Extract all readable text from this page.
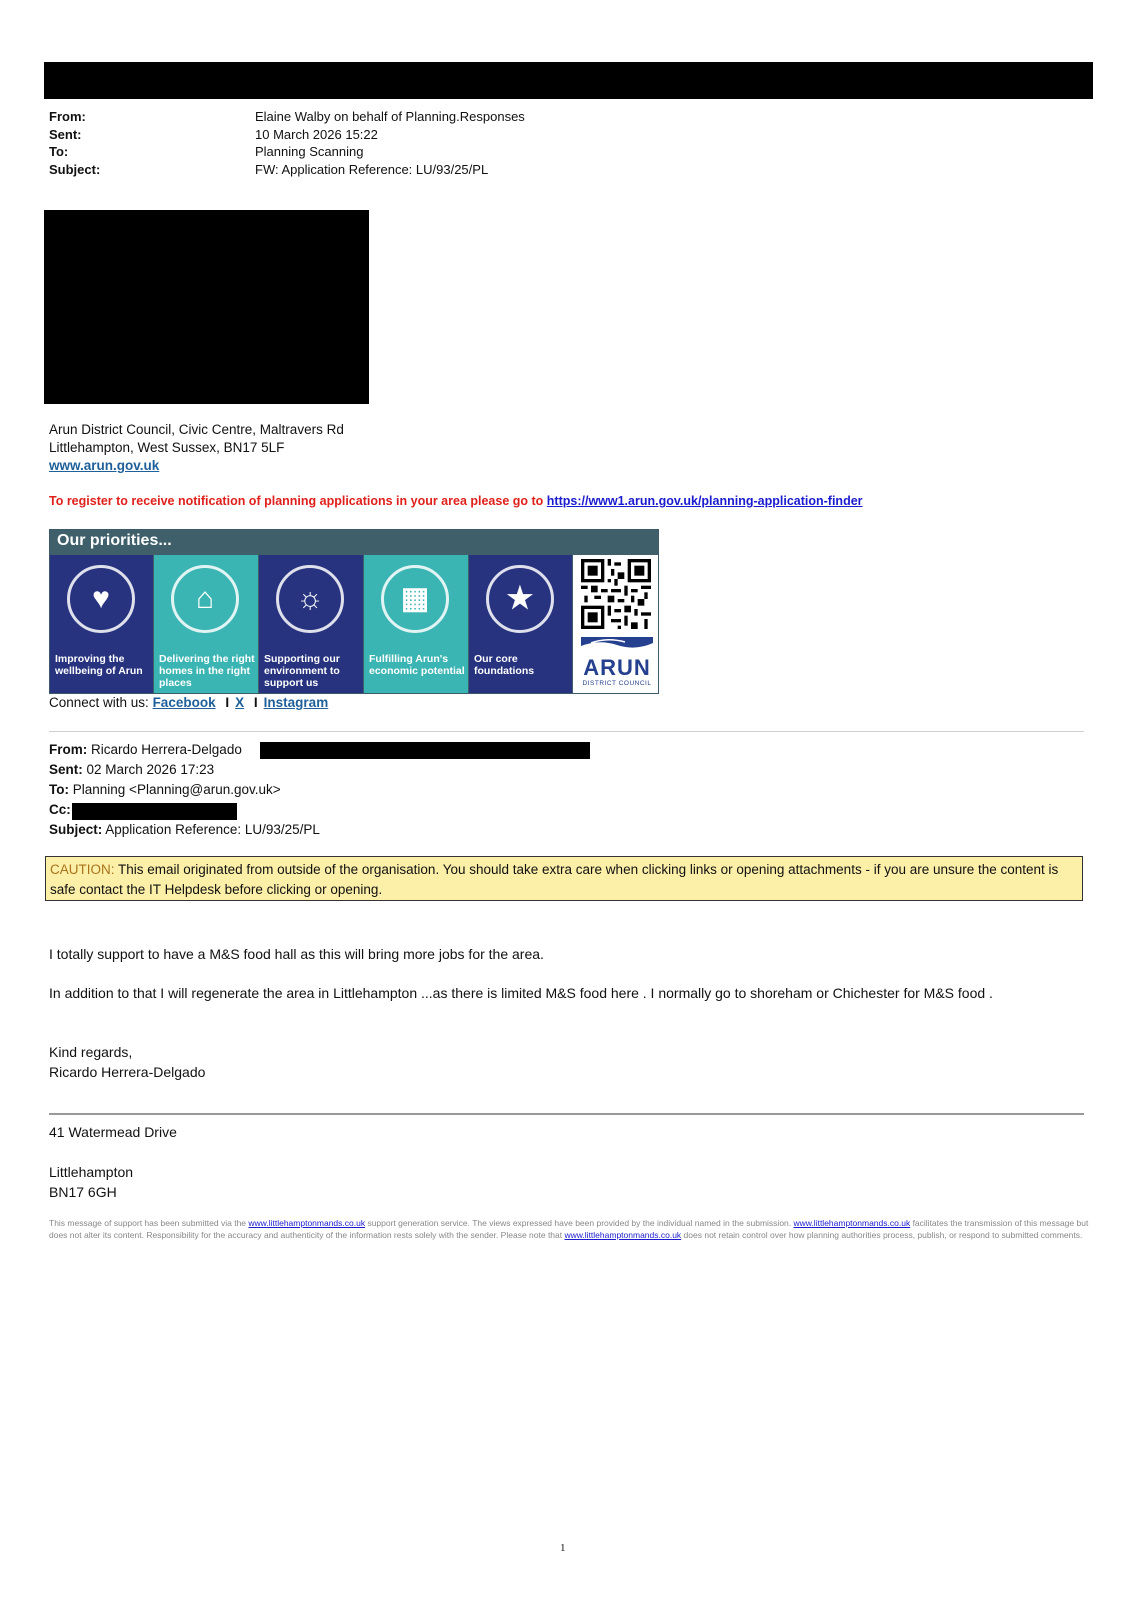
From:	Elaine Walby on behalf of Planning.Responses
Sent:	10 March 2026 15:22
To:	Planning Scanning
Subject:	FW: Application Reference: LU/93/25/PL
Arun District Council, Civic Centre, Maltravers Rd
Littlehampton, West Sussex, BN17 5LF
www.arun.gov.uk
To register to receive notification of planning applications in your area please go to https://www1.arun.gov.uk/planning-application-finder
Our priorities...
♥
Improving the wellbeing of Arun
⌂
Delivering the right homes in the right places
☼
Supporting our environment to support us
▦
Fulfilling Arun's economic potential
★
Our core foundations	ARUN
DISTRICT COUNCIL
Connect with us: Facebook I X I Instagram
From: Ricardo Herrera-Delgado
Sent: 02 March 2026 17:23
To: Planning <Planning@arun.gov.uk>
Cc:
Subject: Application Reference: LU/93/25/PL
CAUTION: This email originated from outside of the organisation. You should take extra care when clicking links or opening attachments - if you are unsure the content is safe contact the IT Helpdesk before clicking or opening.
I totally support to have a M&S food hall as this will bring more jobs for the area.
In addition to that I will regenerate the area in Littlehampton ...as there is limited M&S food here . I normally go to shoreham or Chichester for M&S food .
Kind regards,
Ricardo Herrera-Delgado
41 Watermead Drive
Littlehampton
BN17 6GH
This message of support has been submitted via the www.littlehamptonmands.co.uk support generation service. The views expressed have been provided by the individual named in the submission. www.littlehamptonmands.co.uk facilitates the transmission of this message but does not alter its content. Responsibility for the accuracy and authenticity of the information rests solely with the sender. Please note that www.littlehamptonmands.co.uk does not retain control over how planning authorities process, publish, or respond to submitted comments.
1
